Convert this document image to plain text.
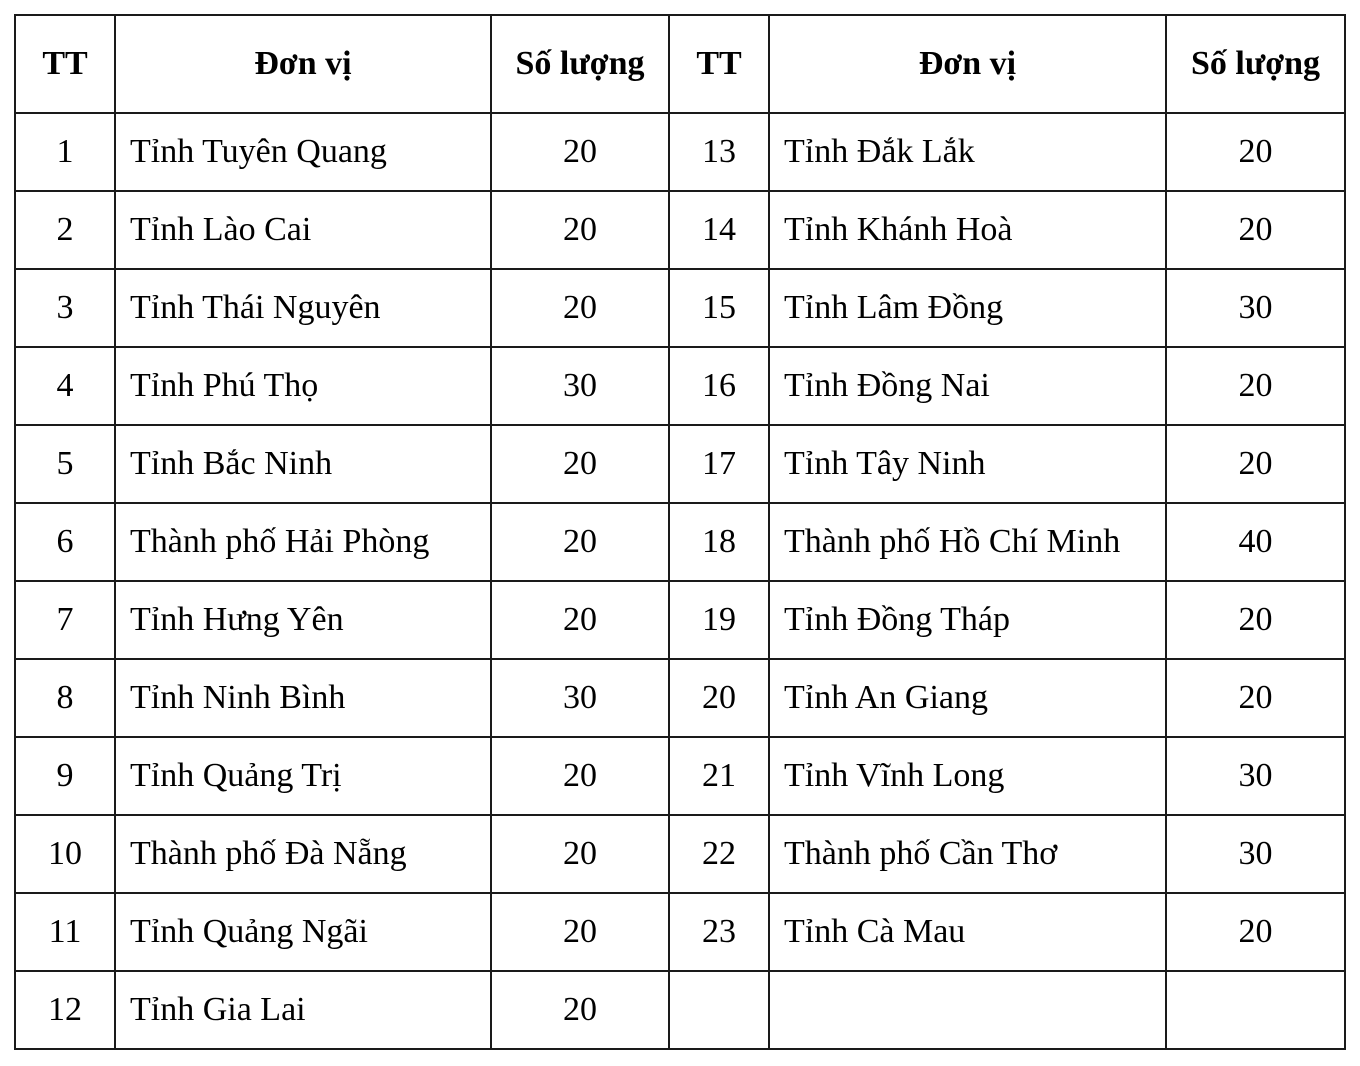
TT	Đơn vị	Số lượng	TT	Đơn vị	Số lượng
1	Tỉnh Tuyên Quang	20	13	Tỉnh Đắk Lắk	20
2	Tỉnh Lào Cai	20	14	Tỉnh Khánh Hoà	20
3	Tỉnh Thái Nguyên	20	15	Tỉnh Lâm Đồng	30
4	Tỉnh Phú Thọ	30	16	Tỉnh Đồng Nai	20
5	Tỉnh Bắc Ninh	20	17	Tỉnh Tây Ninh	20
6	Thành phố Hải Phòng	20	18	Thành phố Hồ Chí Minh	40
7	Tỉnh Hưng Yên	20	19	Tỉnh Đồng Tháp	20
8	Tỉnh Ninh Bình	30	20	Tỉnh An Giang	20
9	Tỉnh Quảng Trị	20	21	Tỉnh Vĩnh Long	30
10	Thành phố Đà Nẵng	20	22	Thành phố Cần Thơ	30
11	Tỉnh Quảng Ngãi	20	23	Tỉnh Cà Mau	20
12	Tỉnh Gia Lai	20			
